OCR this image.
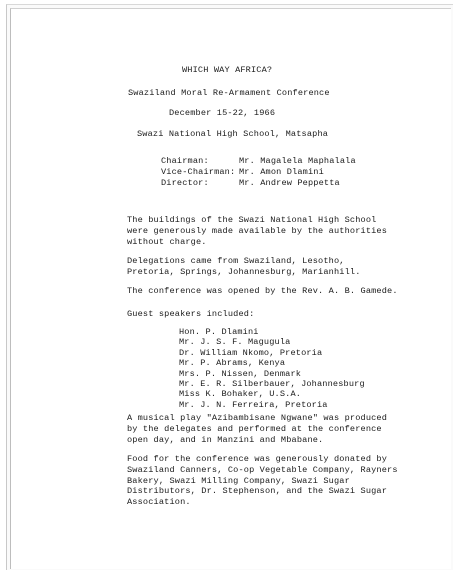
WHICH WAY AFRICA?

Swaziland Moral Re-Armament Conference

December 15-22, 1966

Swazi National High School, Matsapha

Chairman:	Mr. Magalela Maphalala
Vice-Chairman:	Mr. Amon Dlamini
Director:	Mr. Andrew Peppetta
The buildings of the Swazi National High School
were generously made available by the authorities
without charge.
Delegations came from Swaziland, Lesotho,
Pretoria, Springs, Johannesburg, Marianhill.

The conference was opened by the Rev. A. B. Gamede.

Guest speakers included:

Hon. P. Dlamini
Mr. J. S. F. Magugula
Dr. William Nkomo, Pretoria
Mr. P. Abrams, Kenya
Mrs. P. Nissen, Denmark
Mr. E. R. Silberbauer, Johannesburg
Miss K. Bohaker, U.S.A.
Mr. J. N. Ferreira, Pretoria
A musical play "Azibambisane Ngwane" was produced
by the delegates and performed at the conference
open day, and in Manzini and Mbabane.
Food for the conference was generously donated by
Swaziland Canners, Co-op Vegetable Company, Rayners
Bakery, Swazi Milling Company, Swazi Sugar
Distributors, Dr. Stephenson, and the Swazi Sugar
Association.
